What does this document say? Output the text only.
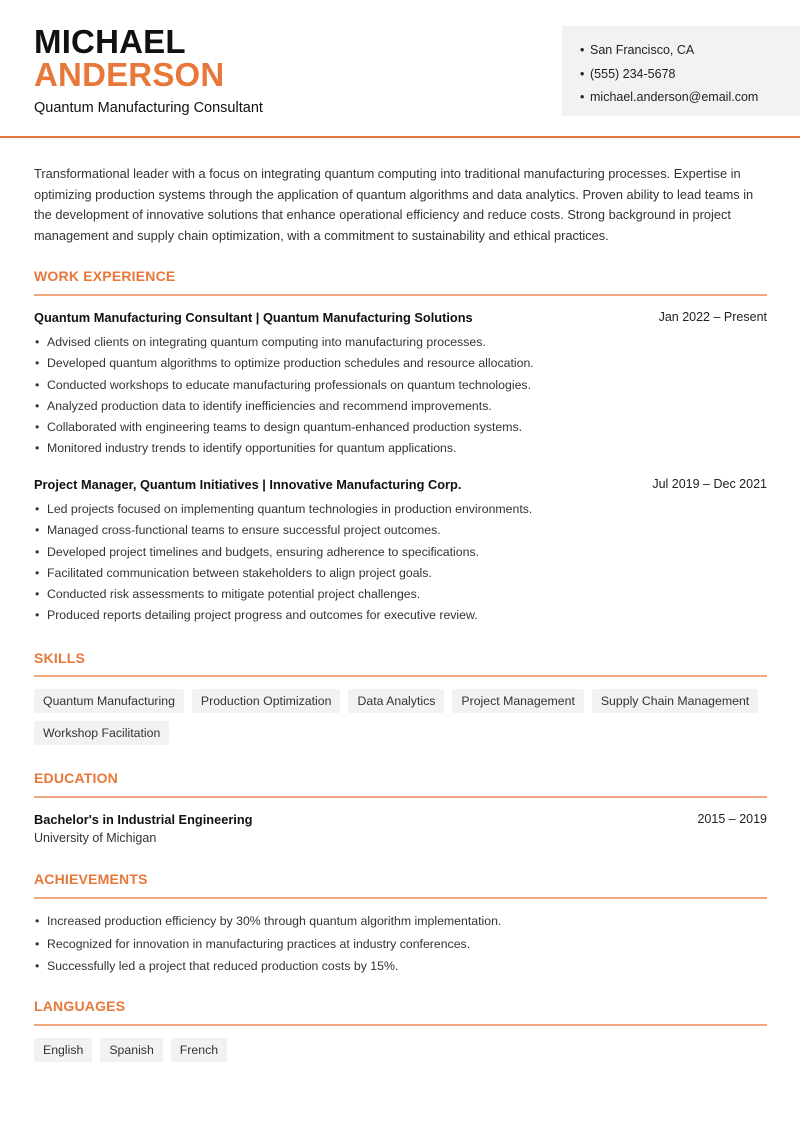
MICHAEL
ANDERSON
Quantum Manufacturing Consultant
• San Francisco, CA
• (555) 234-5678
• michael.anderson@email.com
Transformational leader with a focus on integrating quantum computing into traditional manufacturing processes. Expertise in optimizing production systems through the application of quantum algorithms and data analytics. Proven ability to lead teams in the development of innovative solutions that enhance operational efficiency and reduce costs. Strong background in project management and supply chain optimization, with a commitment to sustainability and ethical practices.
WORK EXPERIENCE
Quantum Manufacturing Consultant | Quantum Manufacturing Solutions	Jan 2022 – Present
• Advised clients on integrating quantum computing into manufacturing processes.
• Developed quantum algorithms to optimize production schedules and resource allocation.
• Conducted workshops to educate manufacturing professionals on quantum technologies.
• Analyzed production data to identify inefficiencies and recommend improvements.
• Collaborated with engineering teams to design quantum-enhanced production systems.
• Monitored industry trends to identify opportunities for quantum applications.
Project Manager, Quantum Initiatives | Innovative Manufacturing Corp.	Jul 2019 – Dec 2021
• Led projects focused on implementing quantum technologies in production environments.
• Managed cross-functional teams to ensure successful project outcomes.
• Developed project timelines and budgets, ensuring adherence to specifications.
• Facilitated communication between stakeholders to align project goals.
• Conducted risk assessments to mitigate potential project challenges.
• Produced reports detailing project progress and outcomes for executive review.
SKILLS
Quantum Manufacturing	Production Optimization	Data Analytics	Project Management	Supply Chain Management
Workshop Facilitation
EDUCATION
Bachelor's in Industrial Engineering	2015 – 2019
University of Michigan
ACHIEVEMENTS
• Increased production efficiency by 30% through quantum algorithm implementation.
• Recognized for innovation in manufacturing practices at industry conferences.
• Successfully led a project that reduced production costs by 15%.
LANGUAGES
English	Spanish	French
